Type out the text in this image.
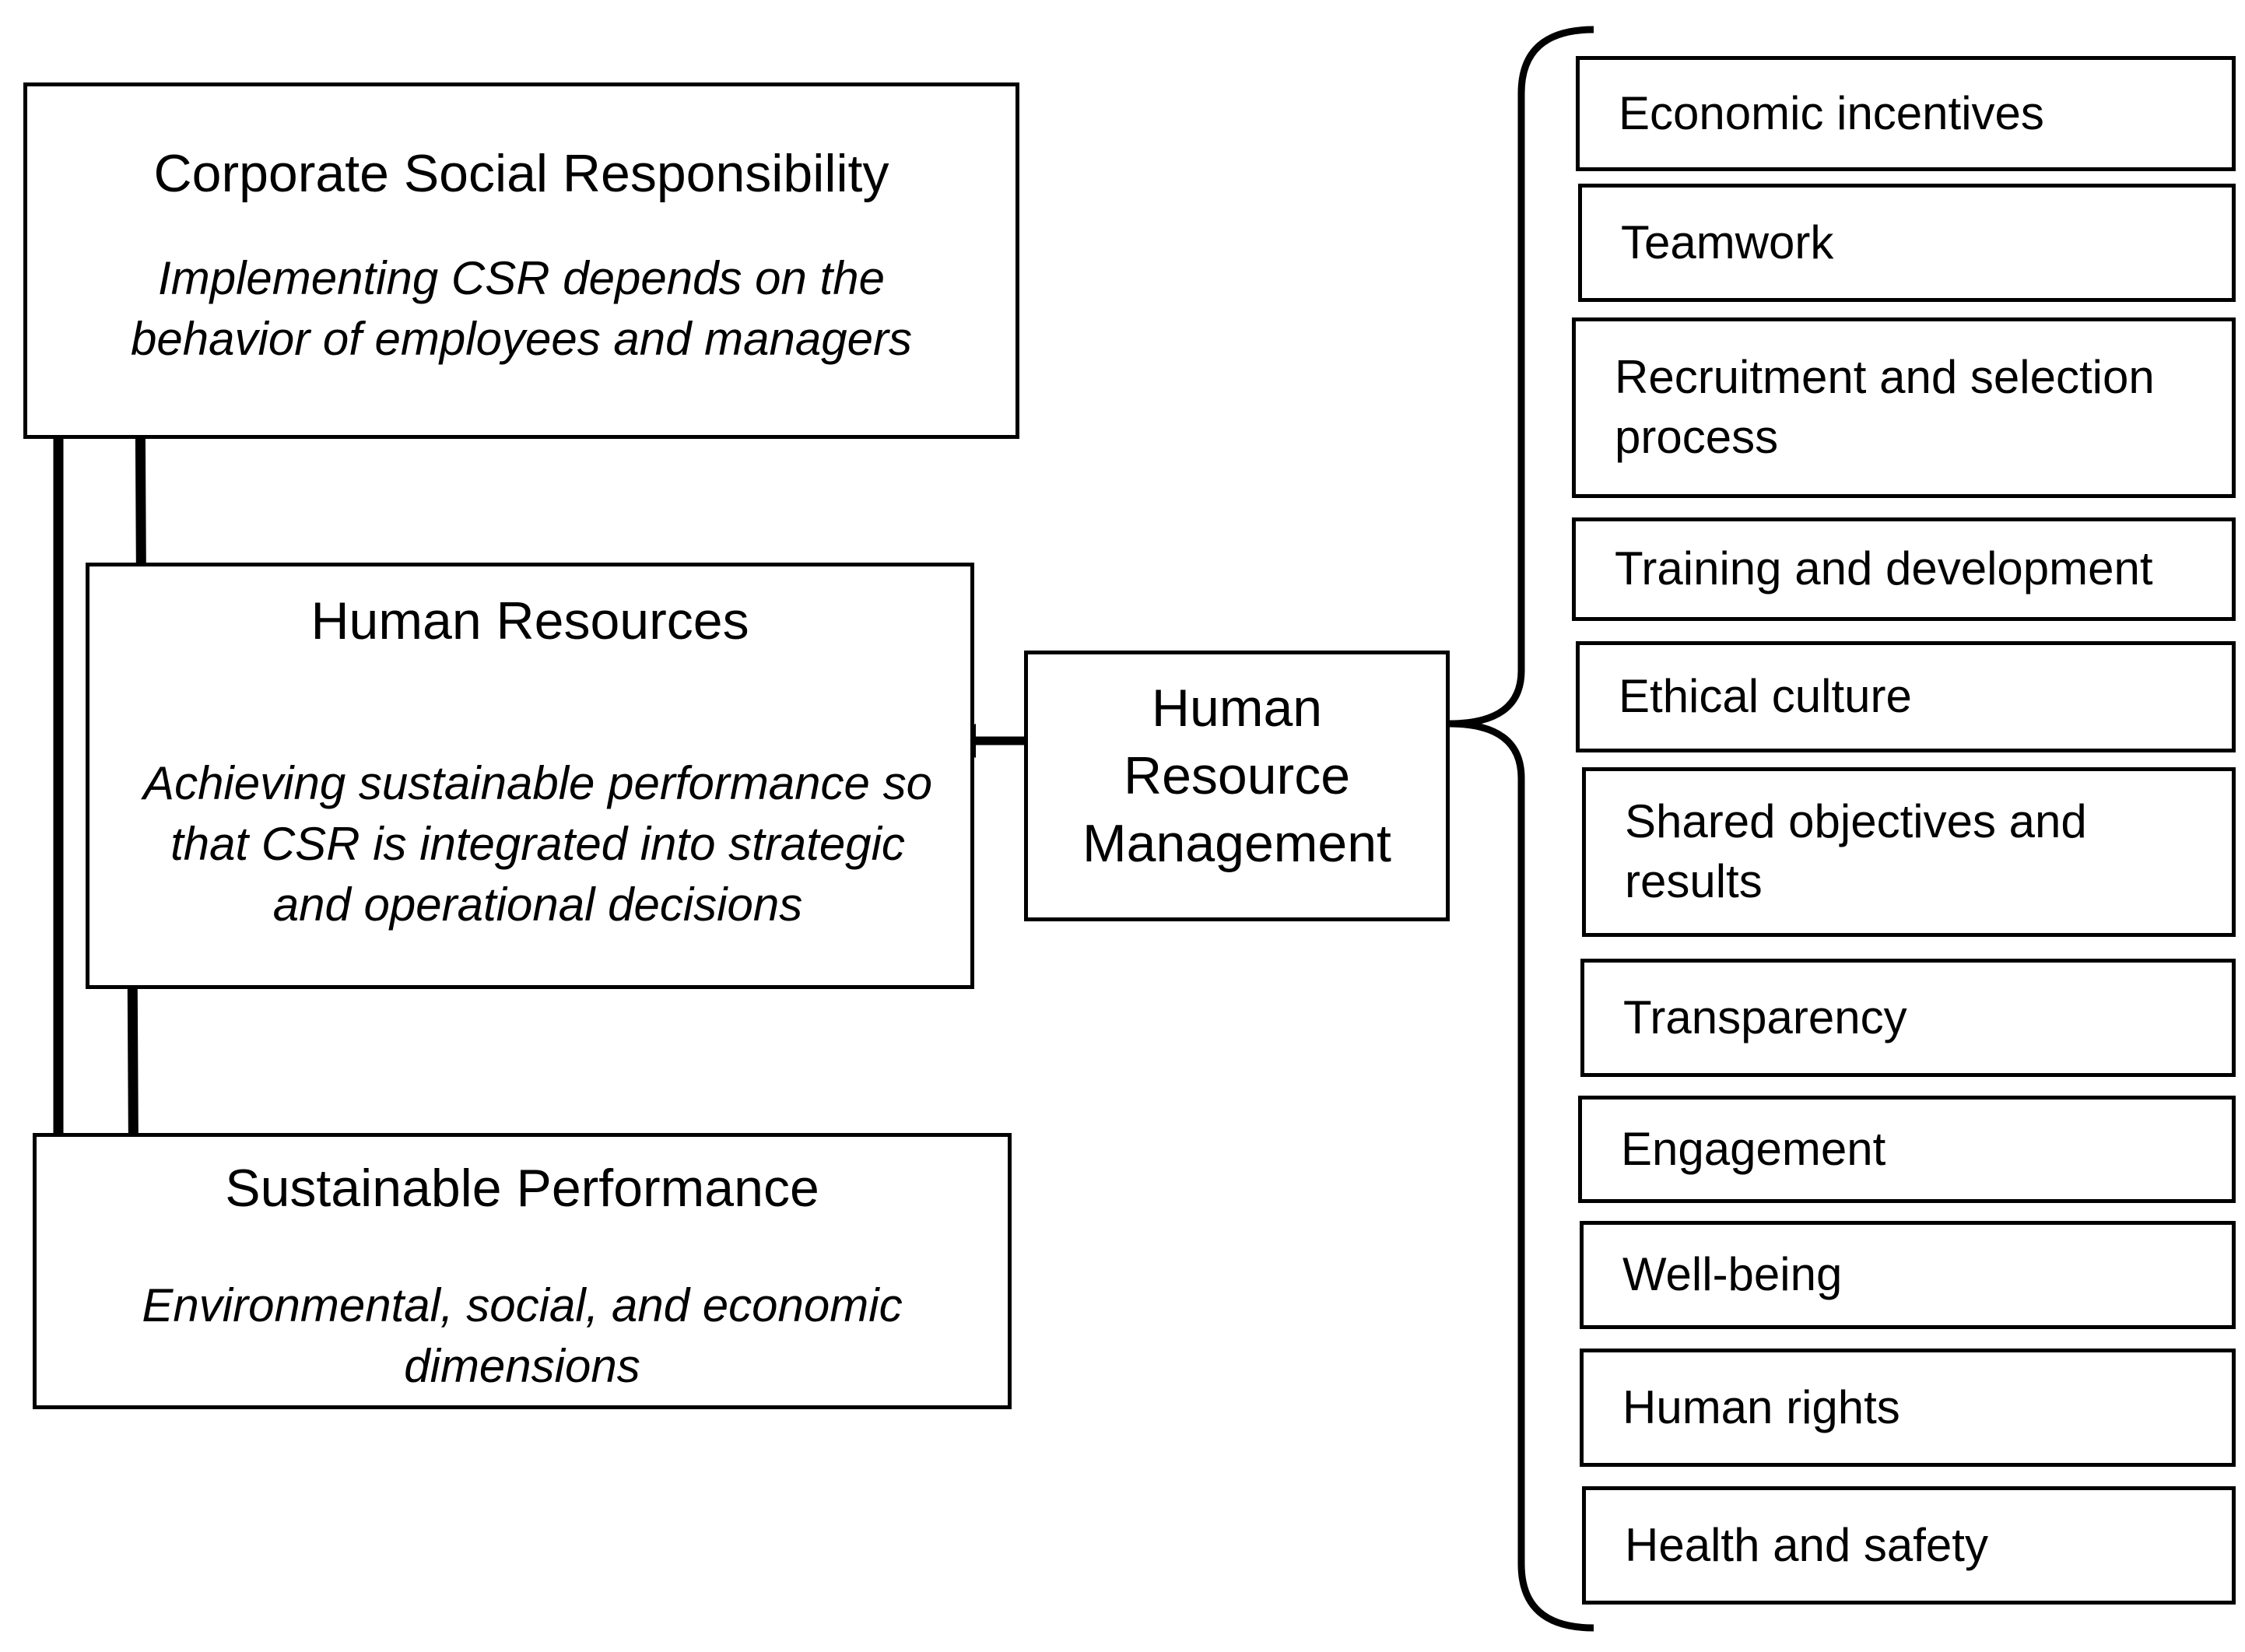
Corporate Social Responsibility
Implementing CSR depends on the
behavior of employees and managers
Human Resources
Achieving sustainable performance so
that CSR is integrated into strategic
and operational decisions
Sustainable Performance
Environmental, social, and economic
dimensions
Human
Resource
Management
Economic incentives
Teamwork
Recruitment and selection
process
Training and development
Ethical culture
Shared objectives and
results
Transparency
Engagement
Well-being
Human rights
Health and safety
